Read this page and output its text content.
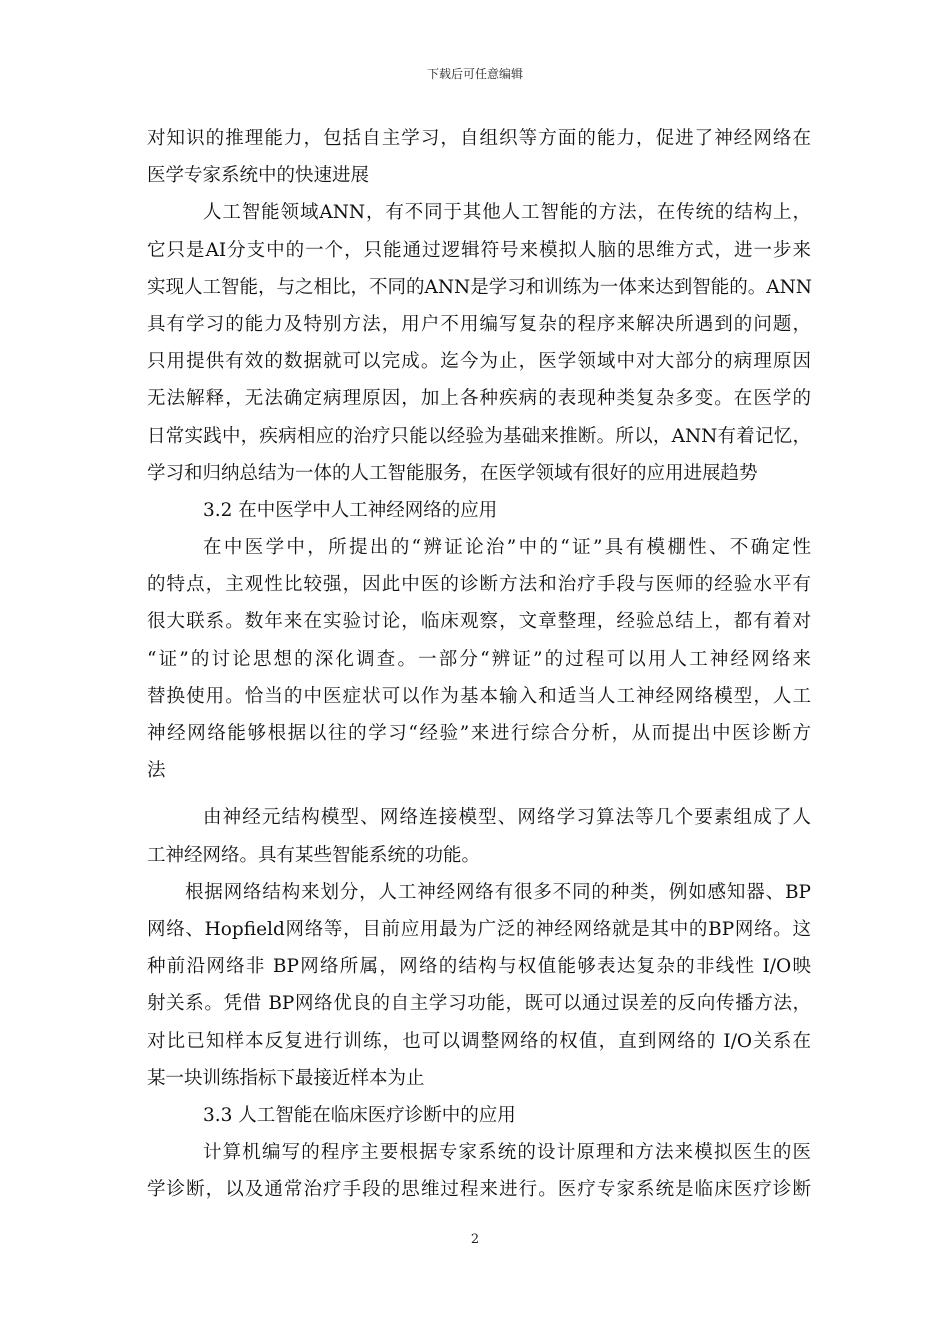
下载后可任意编辑
对知识的推理能力，包括自主学习，自组织等方面的能力，促进了神经网络在
医学专家系统中的快速进展
人工智能领域ANN，有不同于其他人工智能的方法，在传统的结构上，
它只是AI分支中的一个，只能通过逻辑符号来模拟人脑的思维方式，进一步来
实现人工智能，与之相比，不同的ANN是学习和训练为一体来达到智能的。ANN
具有学习的能力及特别方法，用户不用编写复杂的程序来解决所遇到的问题，
只用提供有效的数据就可以完成。迄今为止，医学领域中对大部分的病理原因
无法解释，无法确定病理原因，加上各种疾病的表现种类复杂多变。在医学的
日常实践中，疾病相应的治疗只能以经验为基础来推断。所以，ANN有着记忆，
学习和归纳总结为一体的人工智能服务，在医学领域有很好的应用进展趋势
3.2 在中医学中人工神经网络的应用
在中医学中，所提出的“辨证论治”中的“证”具有模棚性、不确定性
的特点，主观性比较强，因此中医的诊断方法和治疗手段与医师的经验水平有
很大联系。数年来在实验讨论，临床观察，文章整理，经验总结上，都有着对
“证”的讨论思想的深化调查。一部分“辨证”的过程可以用人工神经网络来
替换使用。恰当的中医症状可以作为基本输入和适当人工神经网络模型，人工
神经网络能够根据以往的学习“经验”来进行综合分析，从而提出中医诊断方
法
由神经元结构模型、网络连接模型、网络学习算法等几个要素组成了人
工神经网络。具有某些智能系统的功能。
根据网络结构来划分，人工神经网络有很多不同的种类，例如感知器、BP
网络、Hopfield网络等，目前应用最为广泛的神经网络就是其中的BP网络。这
种前沿网络非 BP网络所属，网络的结构与权值能够表达复杂的非线性 I/O映
射关系。凭借 BP网络优良的自主学习功能，既可以通过误差的反向传播方法，
对比已知样本反复进行训练，也可以调整网络的权值，直到网络的 I/O关系在
某一块训练指标下最接近样本为止
3.3 人工智能在临床医疗诊断中的应用
计算机编写的程序主要根据专家系统的设计原理和方法来模拟医生的医
学诊断，以及通常治疗手段的思维过程来进行。医疗专家系统是临床医疗诊断
2
